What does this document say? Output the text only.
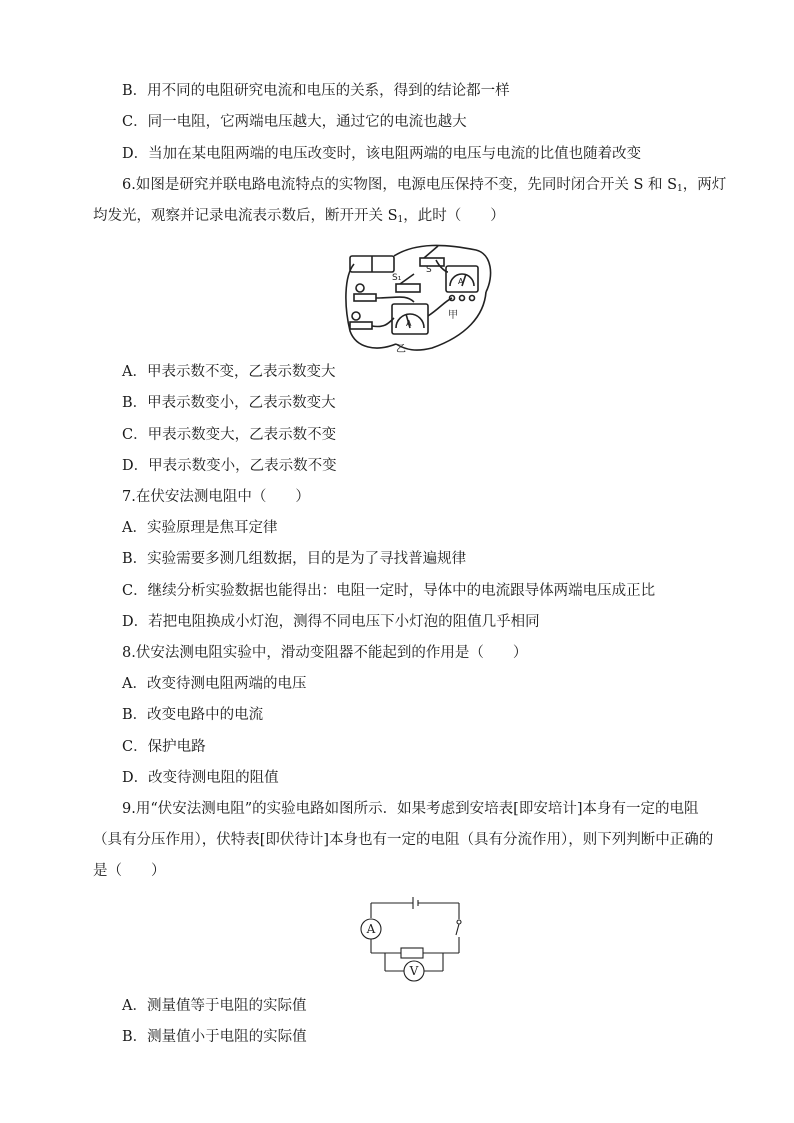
B．用不同的电阻研究电流和电压的关系，得到的结论都一样
C．同一电阻，它两端电压越大，通过它的电流也越大
D．当加在某电阻两端的电压改变时，该电阻两端的电压与电流的比值也随着改变
6.如图是研究并联电路电流特点的实物图，电源电压保持不变，先同时闭合开关 S 和 $S_1$，两灯
均发光，观察并记录电流表示数后，断开开关 $S_1$，此时（　　）
S₁
S
A
A
甲
乙
A．甲表示数不变，乙表示数变大
B．甲表示数变小，乙表示数变大
C．甲表示数变大，乙表示数不变
D．甲表示数变小，乙表示数不变
7.在伏安法测电阻中（　　）
A．实验原理是焦耳定律
B．实验需要多测几组数据，目的是为了寻找普遍规律
C．继续分析实验数据也能得出：电阻一定时，导体中的电流跟导体两端电压成正比
D．若把电阻换成小灯泡，测得不同电压下小灯泡的阻值几乎相同
8.伏安法测电阻实验中，滑动变阻器不能起到的作用是（　　）
A．改变待测电阻两端的电压
B．改变电路中的电流
C．保护电路
D．改变待测电阻的阻值
9.用“伏安法测电阻”的实验电路如图所示．如果考虑到安培表[即安培计]本身有一定的电阻
（具有分压作用），伏特表[即伏待计]本身也有一定的电阻（具有分流作用），则下列判断中正确的
是（　　）
A
V
A．测量值等于电阻的实际值
B．测量值小于电阻的实际值
